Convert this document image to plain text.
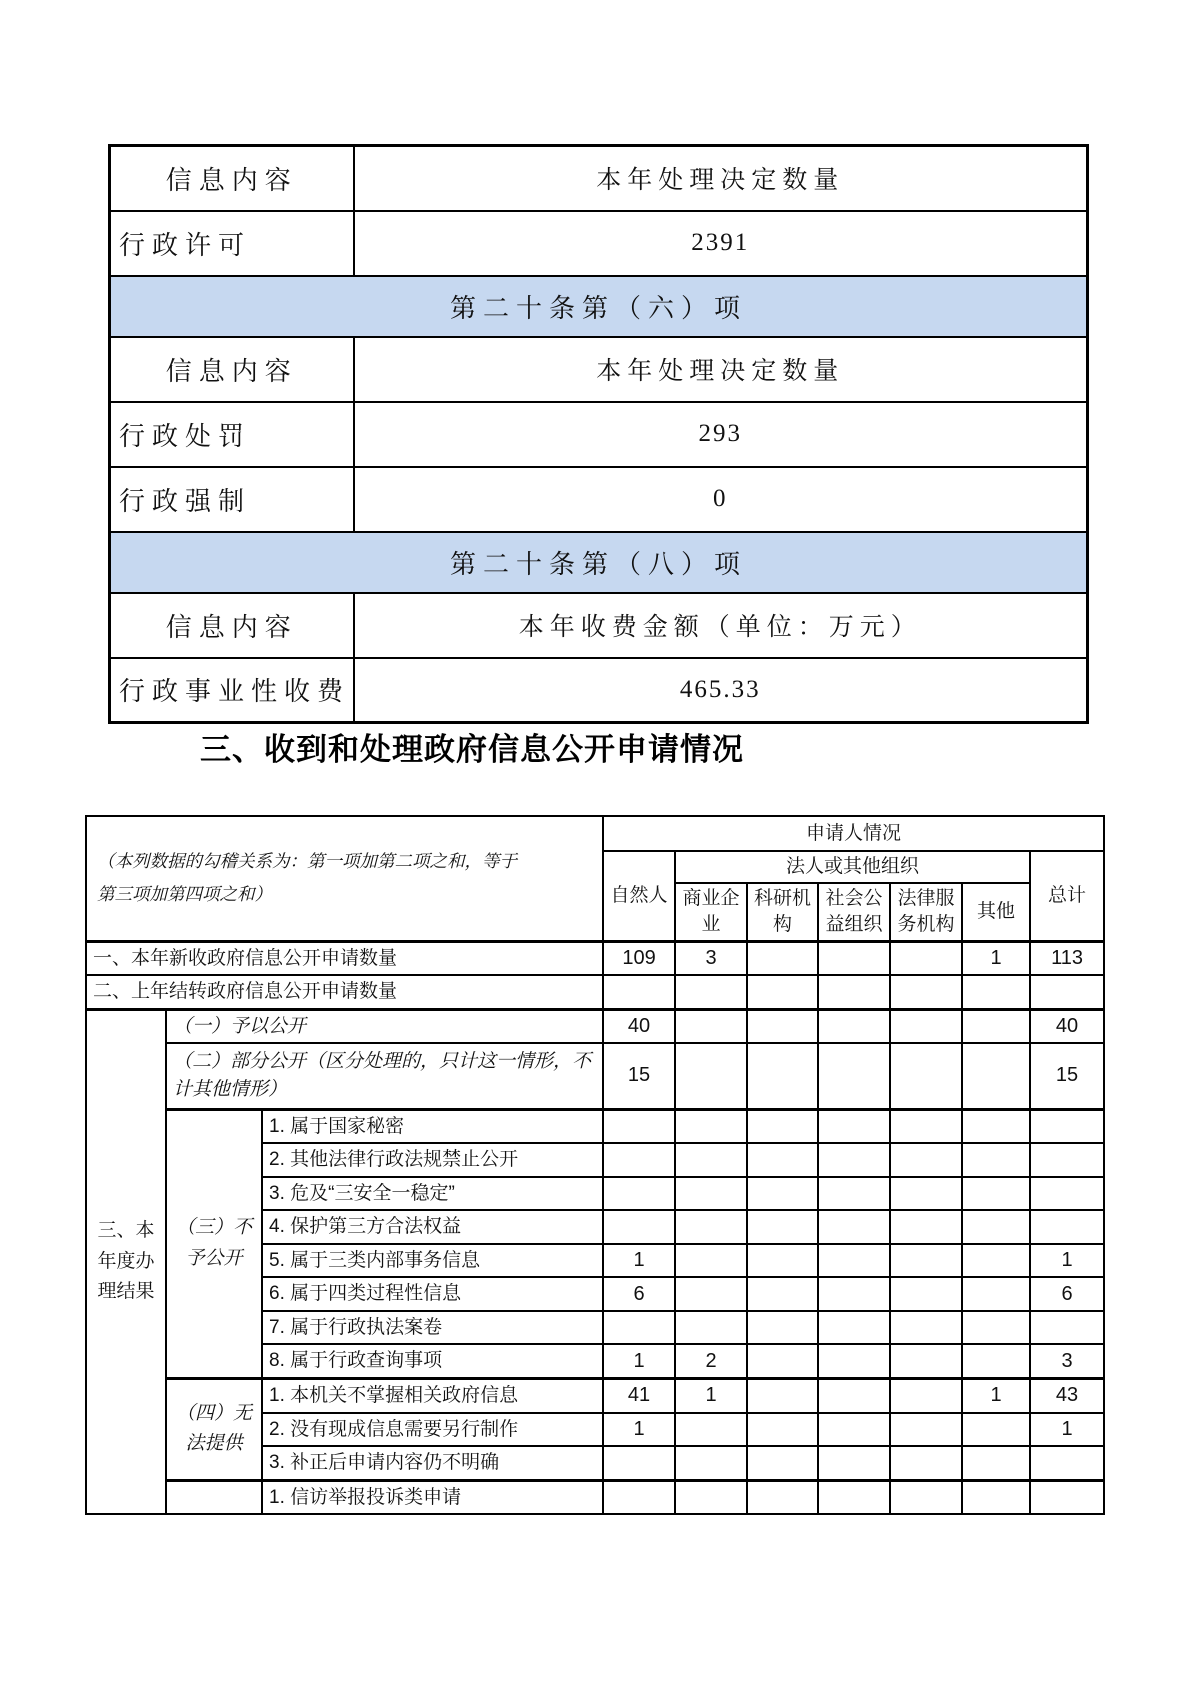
信息内容	本年处理决定数量
行政许可	2391
第二十条第（六）项	
信息内容	本年处理决定数量
行政处罚	293
行政强制	0
第二十条第（八）项	
信息内容	本年收费金额（单位：万元）
行政事业性收费	465.33
三、收到和处理政府信息公开申请情况
（本列数据的勾稽关系为：第一项加第二项之和，等于
第三项加第四项之和）			申请人情况						
			自然人	法人或其他组织					总计
				商业企业	科研机构	社会公益组织	法律服务机构	其他	
一、本年新收政府信息公开申请数量			109	3				1	113
二、上年结转政府信息公开申请数量									
三、本年度办理结果	（一）予以公开		40						40
	（二）部分公开（区分处理的，只计这一情形，不计其他情形）		15						15
	（三）不予公开	1. 属于国家秘密							
		2. 其他法律行政法规禁止公开							
		3. 危及“三安全一稳定”							
		4. 保护第三方合法权益							
		5. 属于三类内部事务信息	1						1
		6. 属于四类过程性信息	6						6
		7. 属于行政执法案卷							
		8. 属于行政查询事项	1	2					3
	（四）无法提供	1. 本机关不掌握相关政府信息	41	1				1	43
		2. 没有现成信息需要另行制作	1						1
		3. 补正后申请内容仍不明确							
		1. 信访举报投诉类申请							
